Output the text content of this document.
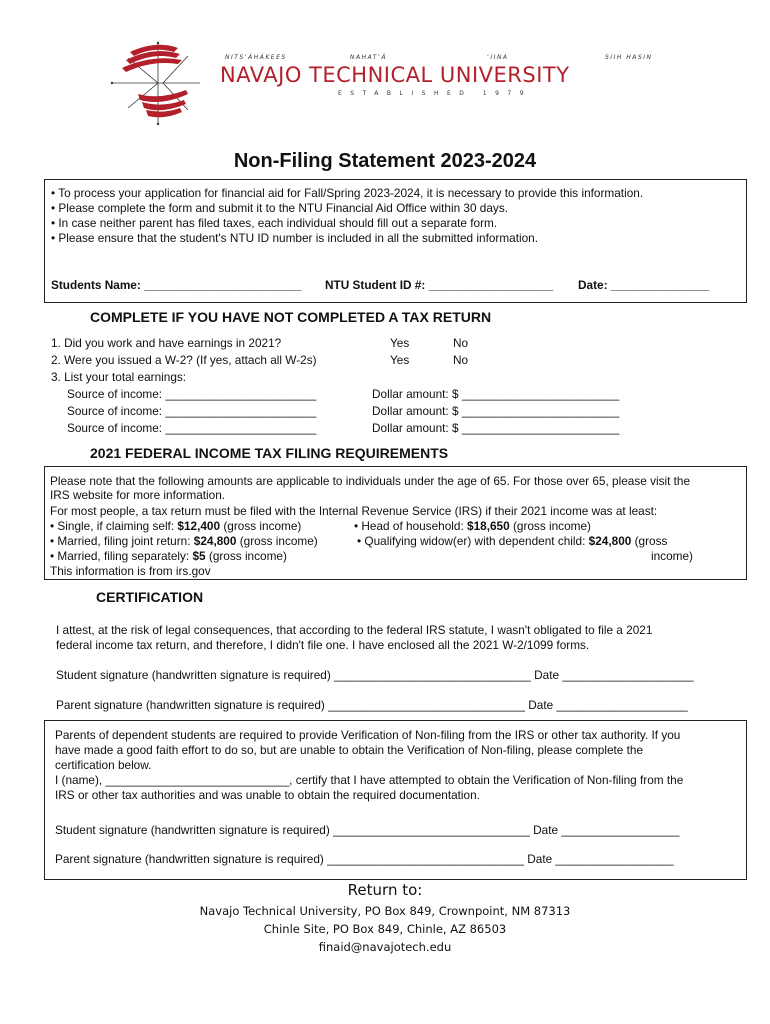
NITSʼÁHÁKEES	NAHATʼÁ	ʼIINA	SIIH HASIN
NAVAJO TECHNICAL UNIVERSITY
ESTABLISHED 1979
Non-Filing Statement 2023-2024
• To process your application for financial aid for Fall/Spring 2023-2024, it is necessary to provide this information.
• Please complete the form and submit it to the NTU Financial Aid Office within 30 days.
• In case neither parent has filed taxes, each individual should fill out a separate form.
• Please ensure that the student's NTU ID number is included in all the submitted information.
Students Name: ________________________ NTU Student ID #: ___________________ Date: _______________
COMPLETE IF YOU HAVE NOT COMPLETED A TAX RETURN
1. Did you work and have earnings in 2021?	Yes	No
2. Were you issued a W-2? (If yes, attach all W-2s)	Yes	No
3. List your total earnings:
Source of income: _______________________	Dollar amount: $ ________________________
Source of income: _______________________	Dollar amount: $ ________________________
Source of income: _______________________	Dollar amount: $ ________________________
2021 FEDERAL INCOME TAX FILING REQUIREMENTS
Please note that the following amounts are applicable to individuals under the age of 65. For those over 65, please visit the
IRS website for more information.
For most people, a tax return must be filed with the Internal Revenue Service (IRS) if their 2021 income was at least:
• Single, if claiming self: $12,400 (gross income)	• Head of household: $18,650 (gross income)
• Married, filing joint return: $24,800 (gross income)	• Qualifying widow(er) with dependent child: $24,800 (gross
• Married, filing separately: $5 (gross income)	income)
This information is from irs.gov
CERTIFICATION
I attest, at the risk of legal consequences, that according to the federal IRS statute, I wasn't obligated to file a 2021
federal income tax return, and therefore, I didn't file one. I have enclosed all the 2021 W-2/1099 forms.
Student signature (handwritten signature is required) ______________________________ Date ____________________
Parent signature (handwritten signature is required) ______________________________ Date ____________________
Parents of dependent students are required to provide Verification of Non-filing from the IRS or other tax authority. If you
have made a good faith effort to do so, but are unable to obtain the Verification of Non-filing, please complete the
certification below.
I (name), ____________________________, certify that I have attempted to obtain the Verification of Non-filing from the
IRS or other tax authorities and was unable to obtain the required documentation.
Student signature (handwritten signature is required) ______________________________ Date __________________
Parent signature (handwritten signature is required) ______________________________ Date __________________
Return to:
Navajo Technical University, PO Box 849, Crownpoint, NM 87313
Chinle Site, PO Box 849, Chinle, AZ 86503
finaid@navajotech.edu
